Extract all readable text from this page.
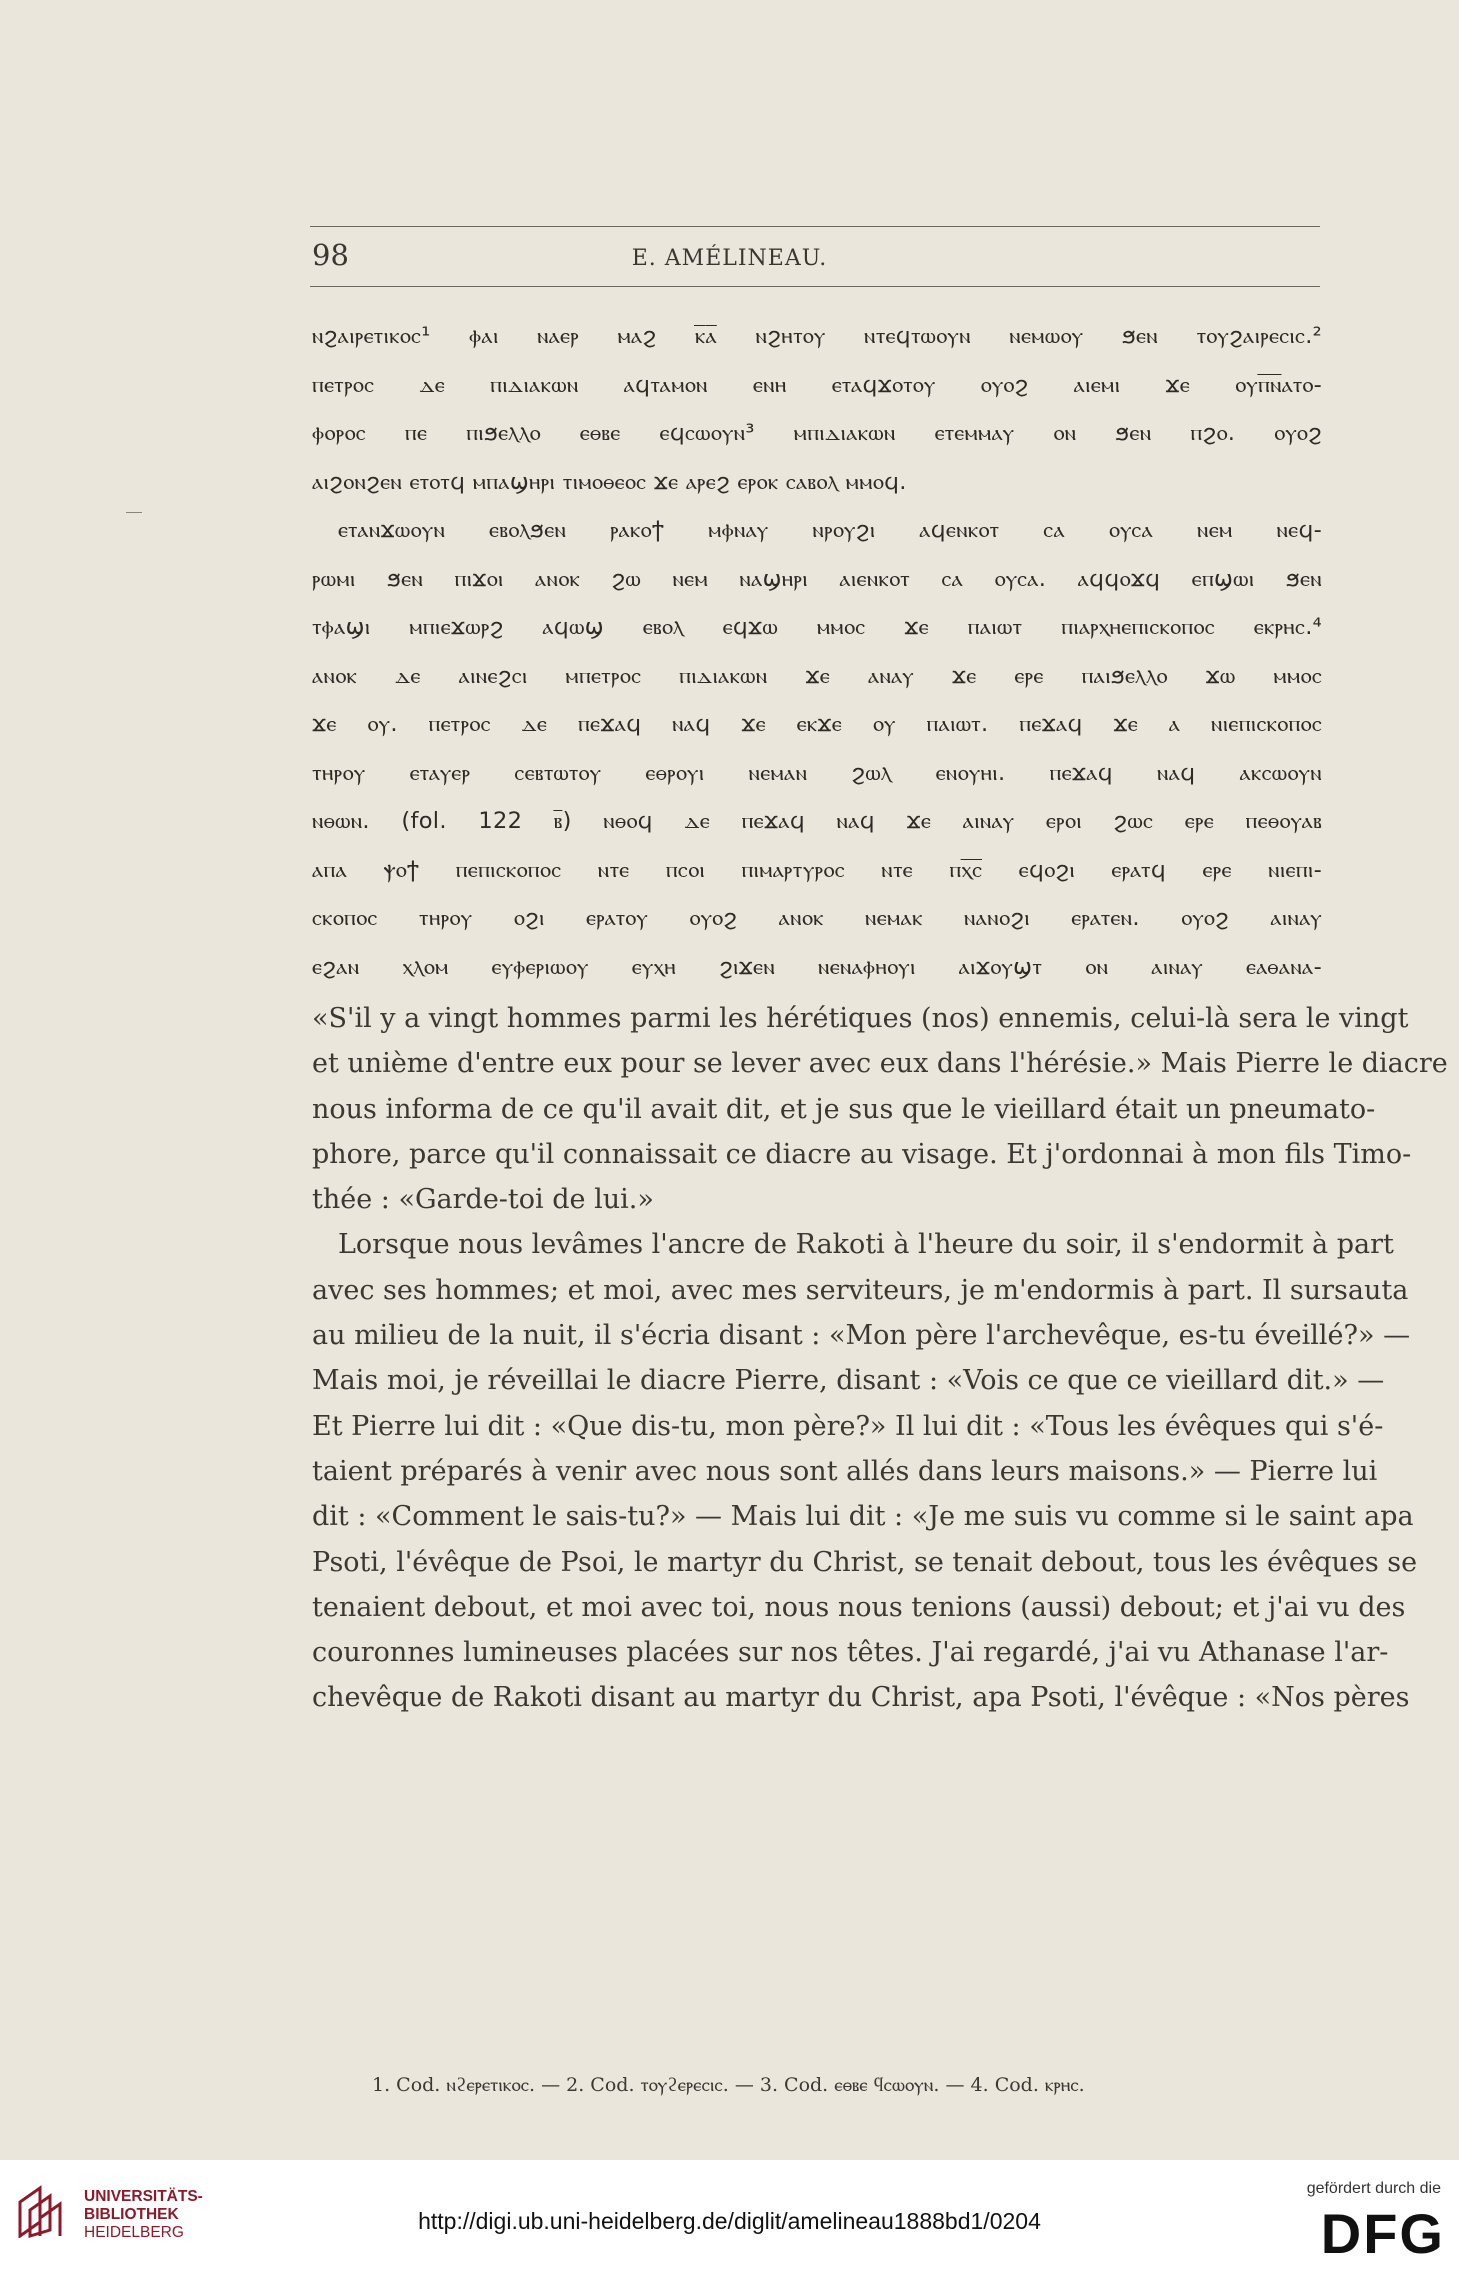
98	E. AMÉLINEAU.

ⲛϩⲁⲓⲣⲉⲧⲓⲕⲟⲥ¹ ⲫⲁⲓ ⲛⲁⲉⲣ ⲙⲁϩ ⲕ̅ⲁ̅ ⲛϩⲏⲧⲟⲩ ⲛⲧⲉϥⲧⲱⲟⲩⲛ ⲛⲉⲙⲱⲟⲩ ϧⲉⲛ ⲧⲟⲩϩⲁⲓⲣⲉⲥⲓⲥ.²

ⲡⲉⲧⲣⲟⲥ ⲇⲉ ⲡⲓⲇⲓⲁⲕⲱⲛ ⲁϥⲧⲁⲙⲟⲛ ⲉⲛⲏ ⲉⲧⲁϥϫⲟⲧⲟⲩ ⲟⲩⲟϩ ⲁⲓⲉⲙⲓ ϫⲉ ⲟⲩⲡ̅ⲛ̅ⲁⲧⲟ-

ⲫⲟⲣⲟⲥ ⲡⲉ ⲡⲓϧⲉⲗⲗⲟ ⲉⲑⲃⲉ ⲉϥⲥⲱⲟⲩⲛ³ ⲙⲡⲓⲇⲓⲁⲕⲱⲛ ⲉⲧⲉⲙⲙⲁⲩ ⲟⲛ ϧⲉⲛ ⲡϩⲟ. ⲟⲩⲟϩ

ⲁⲓϩⲟⲛϩⲉⲛ ⲉⲧⲟⲧϥ ⲙⲡⲁϣⲏⲣⲓ ⲧⲓⲙⲟⲑⲉⲟⲥ ϫⲉ ⲁⲣⲉϩ ⲉⲣⲟⲕ ⲥⲁⲃⲟⲗ ⲙⲙⲟϥ.

ⲉⲧⲁⲛϫⲱⲟⲩⲛ ⲉⲃⲟⲗϧⲉⲛ ⲣⲁⲕⲟϯ ⲙⲫⲛⲁⲩ ⲛⲣⲟⲩϩⲓ ⲁϥⲉⲛⲕⲟⲧ ⲥⲁ ⲟⲩⲥⲁ ⲛⲉⲙ ⲛⲉϥ-

ⲣⲱⲙⲓ ϧⲉⲛ ⲡⲓϫⲟⲓ ⲁⲛⲟⲕ ϩⲱ ⲛⲉⲙ ⲛⲁϣⲏⲣⲓ ⲁⲓⲉⲛⲕⲟⲧ ⲥⲁ ⲟⲩⲥⲁ. ⲁϥϥⲟϫϥ ⲉⲡϣⲱⲓ ϧⲉⲛ

ⲧⲫⲁϣⲓ ⲙⲡⲓⲉϫⲱⲣϩ ⲁϥⲱϣ ⲉⲃⲟⲗ ⲉϥϫⲱ ⲙⲙⲟⲥ ϫⲉ ⲡⲁⲓⲱⲧ ⲡⲓⲁⲣⲭⲏⲉⲡⲓⲥⲕⲟⲡⲟⲥ ⲉⲕⲣⲏⲥ.⁴

ⲁⲛⲟⲕ ⲇⲉ ⲁⲓⲛⲉϩⲥⲓ ⲙⲡⲉⲧⲣⲟⲥ ⲡⲓⲇⲓⲁⲕⲱⲛ ϫⲉ ⲁⲛⲁⲩ ϫⲉ ⲉⲣⲉ ⲡⲁⲓϧⲉⲗⲗⲟ ϫⲱ ⲙⲙⲟⲥ

ϫⲉ ⲟⲩ. ⲡⲉⲧⲣⲟⲥ ⲇⲉ ⲡⲉϫⲁϥ ⲛⲁϥ ϫⲉ ⲉⲕϫⲉ ⲟⲩ ⲡⲁⲓⲱⲧ. ⲡⲉϫⲁϥ ϫⲉ ⲁ ⲛⲓⲉⲡⲓⲥⲕⲟⲡⲟⲥ

ⲧⲏⲣⲟⲩ ⲉⲧⲁⲩⲉⲣ ⲥⲉⲃⲧⲱⲧⲟⲩ ⲉⲑⲣⲟⲩⲓ ⲛⲉⲙⲁⲛ ϩⲱⲗ ⲉⲛⲟⲩⲏⲓ. ⲡⲉϫⲁϥ ⲛⲁϥ ⲁⲕⲥⲱⲟⲩⲛ

ⲛⲑⲱⲛ. (fol. 122 ⲃ̅) ⲛⲑⲟϥ ⲇⲉ ⲡⲉϫⲁϥ ⲛⲁϥ ϫⲉ ⲁⲓⲛⲁⲩ ⲉⲣⲟⲓ ϩⲱⲥ ⲉⲣⲉ ⲡⲉⲑⲟⲩⲁⲃ

ⲁⲡⲁ ⲯⲟϯ ⲡⲉⲡⲓⲥⲕⲟⲡⲟⲥ ⲛⲧⲉ ⲡⲥⲟⲓ ⲡⲓⲙⲁⲣⲧⲩⲣⲟⲥ ⲛⲧⲉ ⲡⲭ̅ⲥ̅ ⲉϥⲟϩⲓ ⲉⲣⲁⲧϥ ⲉⲣⲉ ⲛⲓⲉⲡⲓ-

ⲥⲕⲟⲡⲟⲥ ⲧⲏⲣⲟⲩ ⲟϩⲓ ⲉⲣⲁⲧⲟⲩ ⲟⲩⲟϩ ⲁⲛⲟⲕ ⲛⲉⲙⲁⲕ ⲛⲁⲛⲟϩⲓ ⲉⲣⲁⲧⲉⲛ. ⲟⲩⲟϩ ⲁⲓⲛⲁⲩ

ⲉϩⲁⲛ ⲭⲗⲟⲙ ⲉⲩⲫⲉⲣⲓⲱⲟⲩ ⲉⲩⲭⲏ ϩⲓϫⲉⲛ ⲛⲉⲛⲁⲫⲏⲟⲩⲓ ⲁⲓϫⲟⲩϣⲧ ⲟⲛ ⲁⲓⲛⲁⲩ ⲉⲁⲑⲁⲛⲁ-

«S'il y a vingt hommes parmi les hérétiques (nos) ennemis, celui-là sera le vingt

et unième d'entre eux pour se lever avec eux dans l'hérésie.» Mais Pierre le diacre

nous informa de ce qu'il avait dit, et je sus que le vieillard était un pneumato-

phore, parce qu'il connaissait ce diacre au visage. Et j'ordonnai à mon fils Timo-

thée : «Garde-toi de lui.»

Lorsque nous levâmes l'ancre de Rakoti à l'heure du soir, il s'endormit à part

avec ses hommes; et moi, avec mes serviteurs, je m'endormis à part. Il sursauta

au milieu de la nuit, il s'écria disant : «Mon père l'archevêque, es-tu éveillé?» —

Mais moi, je réveillai le diacre Pierre, disant : «Vois ce que ce vieillard dit.» —

Et Pierre lui dit : «Que dis-tu, mon père?» Il lui dit : «Tous les évêques qui s'é-

taient préparés à venir avec nous sont allés dans leurs maisons.» — Pierre lui

dit : «Comment le sais-tu?» — Mais lui dit : «Je me suis vu comme si le saint apa

Psoti, l'évêque de Psoi, le martyr du Christ, se tenait debout, tous les évêques se

tenaient debout, et moi avec toi, nous nous tenions (aussi) debout; et j'ai vu des

couronnes lumineuses placées sur nos têtes. J'ai regardé, j'ai vu Athanase l'ar-

chevêque de Rakoti disant au martyr du Christ, apa Psoti, l'évêque : «Nos pères

1. Cod. ⲛϩⲉⲣⲉⲧⲓⲕⲟⲥ. — 2. Cod. ⲧⲟⲩϩⲉⲣⲉⲥⲓⲥ. — 3. Cod. ⲉⲑⲃⲉ ϥⲥⲱⲟⲩⲛ. — 4. Cod. ⲕⲣⲏⲥ.
UNIVERSITÄTS-
BIBLIOTHEK
HEIDELBERG	http://digi.ub.uni-heidelberg.de/diglit/amelineau1888bd1/0204
gefördert durch die
DFG
